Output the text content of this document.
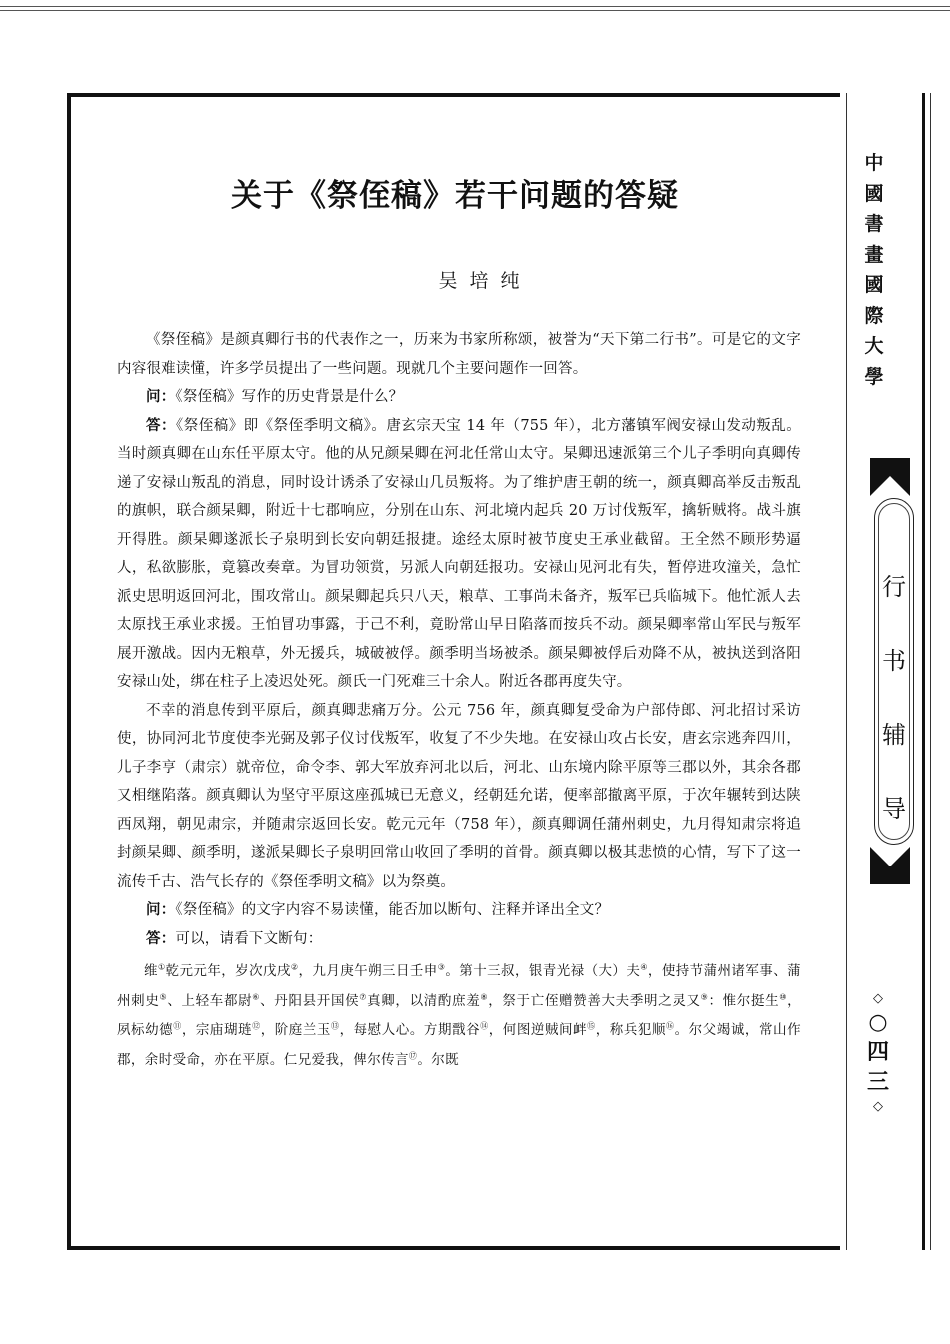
关于《祭侄稿》若干问题的答疑
吴培纯

《祭侄稿》是颜真卿行书的代表作之一，历来为书家所称颂，被誉为“天下第二行书”。可是它的文字内容很难读懂，许多学员提出了一些问题。现就几个主要问题作一回答。

问：《祭侄稿》写作的历史背景是什么？

答：《祭侄稿》即《祭侄季明文稿》。唐玄宗天宝 14 年（755 年），北方藩镇军阀安禄山发动叛乱。当时颜真卿在山东任平原太守。他的从兄颜杲卿在河北任常山太守。杲卿迅速派第三个儿子季明向真卿传递了安禄山叛乱的消息，同时设计诱杀了安禄山几员叛将。为了维护唐王朝的统一，颜真卿高举反击叛乱的旗帜，联合颜杲卿，附近十七郡响应，分别在山东、河北境内起兵 20 万讨伐叛军，擒斩贼将。战斗旗开得胜。颜杲卿遂派长子泉明到长安向朝廷报捷。途经太原时被节度史王承业截留。王全然不顾形势逼人，私欲膨胀，竟篡改奏章。为冒功领赏，另派人向朝廷报功。安禄山见河北有失，暂停进攻潼关，急忙派史思明返回河北，围攻常山。颜杲卿起兵只八天，粮草、工事尚未备齐，叛军已兵临城下。他忙派人去太原找王承业求援。王怕冒功事露，于己不利，竟盼常山早日陷落而按兵不动。颜杲卿率常山军民与叛军展开激战。因内无粮草，外无援兵，城破被俘。颜季明当场被杀。颜杲卿被俘后劝降不从，被执送到洛阳安禄山处，绑在柱子上凌迟处死。颜氏一门死难三十余人。附近各郡再度失守。

不幸的消息传到平原后，颜真卿悲痛万分。公元 756 年，颜真卿复受命为户部侍郎、河北招讨采访使，协同河北节度使李光弼及郭子仪讨伐叛军，收复了不少失地。在安禄山攻占长安，唐玄宗逃奔四川，儿子李亨（肃宗）就帝位，命令李、郭大军放弃河北以后，河北、山东境内除平原等三郡以外，其余各郡又相继陷落。颜真卿认为坚守平原这座孤城已无意义，经朝廷允诺，便率部撤离平原，于次年辗转到达陕西凤翔，朝见肃宗，并随肃宗返回长安。乾元元年（758 年），颜真卿调任蒲州刺史，九月得知肃宗将追封颜杲卿、颜季明，遂派杲卿长子泉明回常山收回了季明的首骨。颜真卿以极其悲愤的心情，写下了这一流传千古、浩气长存的《祭侄季明文稿》以为祭奠。

问：《祭侄稿》的文字内容不易读懂，能否加以断句、注释并译出全文？

答：可以，请看下文断句：

维①乾元元年，岁次戊戌②，九月庚午朔三日壬申③。第十三叔，银青光禄（大）夫④，使持节蒲州诸军事、蒲州刺史⑤、上轻车都尉⑥、丹阳县开国侯⑦真卿，以清酌庶羞⑧，祭于亡侄赠赞善大夫季明之灵又⑨：惟尔挺生⑩，夙标幼德⑪，宗庙瑚琏⑫，阶庭兰玉⑬，每慰人心。方期戬谷⑭，何图逆贼间衅⑮，称兵犯顺⑯。尔父竭诚，常山作郡，余时受命，亦在平原。仁兄爱我，俾尔传言⑰。尔既

中
國
書
畫
國
際
大
學
行
书
辅
导
◇
○
四
三
◇
